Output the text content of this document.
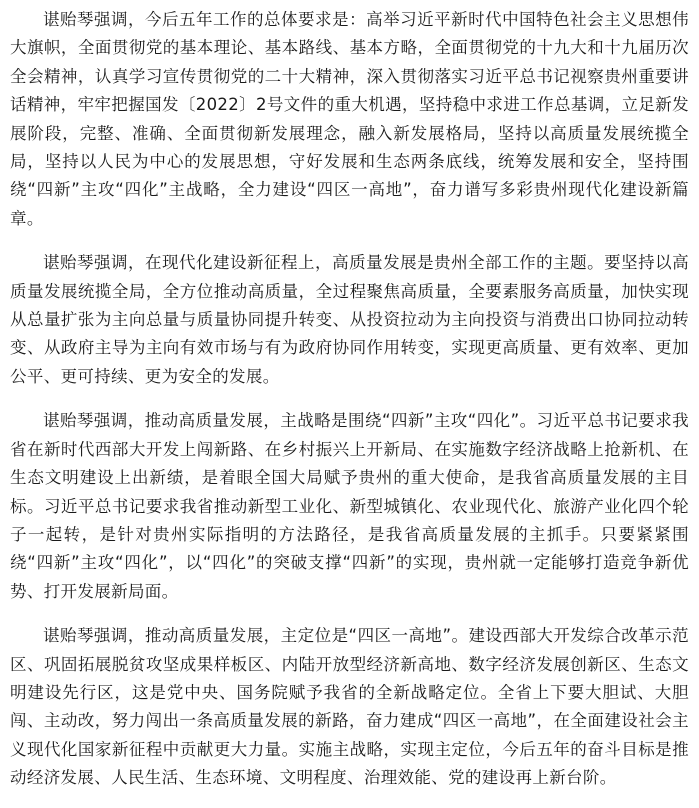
谌贻琴强调，今后五年工作的总体要求是：高举习近平新时代中国特色社会主义思想伟大旗帜，全面贯彻党的基本理论、基本路线、基本方略，全面贯彻党的十九大和十九届历次全会精神，认真学习宣传贯彻党的二十大精神，深入贯彻落实习近平总书记视察贵州重要讲话精神，牢牢把握国发〔2022〕2号文件的重大机遇，坚持稳中求进工作总基调，立足新发展阶段，完整、准确、全面贯彻新发展理念，融入新发展格局，坚持以高质量发展统揽全局，坚持以人民为中心的发展思想，守好发展和生态两条底线，统筹发展和安全，坚持围绕“四新”主攻“四化”主战略，全力建设“四区一高地”，奋力谱写多彩贵州现代化建设新篇章。

谌贻琴强调，在现代化建设新征程上，高质量发展是贵州全部工作的主题。要坚持以高质量发展统揽全局，全方位推动高质量，全过程聚焦高质量，全要素服务高质量，加快实现从总量扩张为主向总量与质量协同提升转变、从投资拉动为主向投资与消费出口协同拉动转变、从政府主导为主向有效市场与有为政府协同作用转变，实现更高质量、更有效率、更加公平、更可持续、更为安全的发展。

谌贻琴强调，推动高质量发展，主战略是围绕“四新”主攻“四化”。习近平总书记要求我省在新时代西部大开发上闯新路、在乡村振兴上开新局、在实施数字经济战略上抢新机、在生态文明建设上出新绩，是着眼全国大局赋予贵州的重大使命，是我省高质量发展的主目标。习近平总书记要求我省推动新型工业化、新型城镇化、农业现代化、旅游产业化四个轮子一起转，是针对贵州实际指明的方法路径，是我省高质量发展的主抓手。只要紧紧围绕“四新”主攻“四化”，以“四化”的突破支撑“四新”的实现，贵州就一定能够打造竞争新优势、打开发展新局面。

谌贻琴强调，推动高质量发展，主定位是“四区一高地”。建设西部大开发综合改革示范区、巩固拓展脱贫攻坚成果样板区、内陆开放型经济新高地、数字经济发展创新区、生态文明建设先行区，这是党中央、国务院赋予我省的全新战略定位。全省上下要大胆试、大胆闯、主动改，努力闯出一条高质量发展的新路，奋力建成“四区一高地”，在全面建设社会主义现代化国家新征程中贡献更大力量。实施主战略，实现主定位，今后五年的奋斗目标是推动经济发展、人民生活、生态环境、文明程度、治理效能、党的建设再上新台阶。
